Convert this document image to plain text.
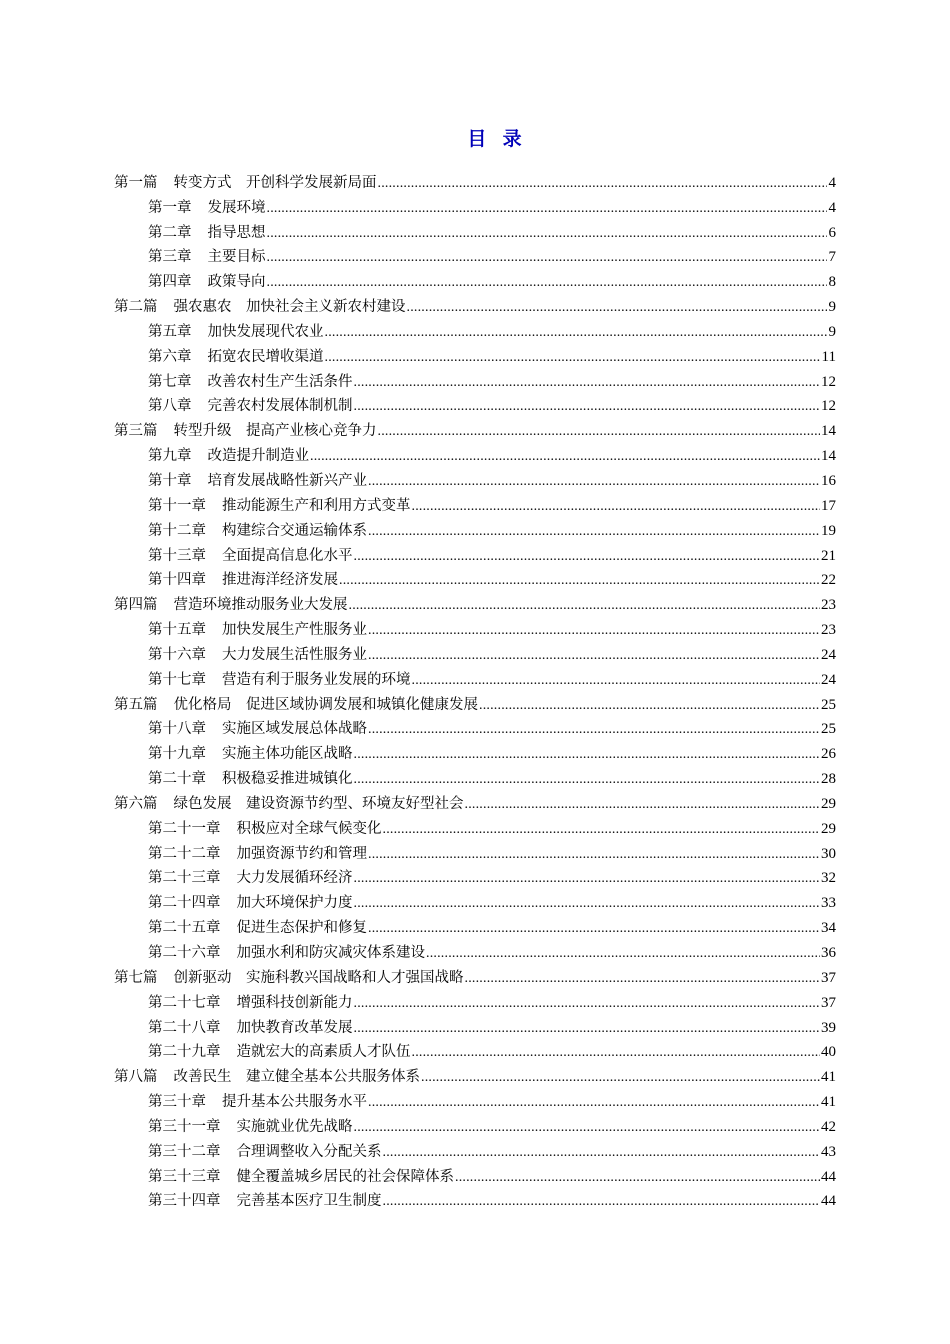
目  录
第一篇 转变方式　开创科学发展新局面 .....	4
第一章 发展环境 .....	4
第二章 指导思想 .....	6
第三章 主要目标 .....	7
第四章 政策导向 .....	8
第二篇 强农惠农　加快社会主义新农村建设 .....	9
第五章 加快发展现代农业 .....	9
第六章 拓宽农民增收渠道 .....	11
第七章 改善农村生产生活条件 .....	12
第八章 完善农村发展体制机制 .....	12
第三篇 转型升级　提高产业核心竞争力 .....	14
第九章 改造提升制造业 .....	14
第十章 培育发展战略性新兴产业 .....	16
第十一章 推动能源生产和利用方式变革 .....	17
第十二章 构建综合交通运输体系 .....	19
第十三章 全面提高信息化水平 .....	21
第十四章 推进海洋经济发展 .....	22
第四篇 营造环境推动服务业大发展 .....	23
第十五章 加快发展生产性服务业 .....	23
第十六章 大力发展生活性服务业 .....	24
第十七章 营造有利于服务业发展的环境 .....	24
第五篇 优化格局　促进区域协调发展和城镇化健康发展 .....	25
第十八章 实施区域发展总体战略 .....	25
第十九章 实施主体功能区战略 .....	26
第二十章 积极稳妥推进城镇化 .....	28
第六篇 绿色发展　建设资源节约型、环境友好型社会 .....	29
第二十一章 积极应对全球气候变化 .....	29
第二十二章 加强资源节约和管理 .....	30
第二十三章 大力发展循环经济 .....	32
第二十四章 加大环境保护力度 .....	33
第二十五章 促进生态保护和修复 .....	34
第二十六章 加强水利和防灾减灾体系建设 .....	36
第七篇 创新驱动　实施科教兴国战略和人才强国战略 .....	37
第二十七章 增强科技创新能力 .....	37
第二十八章 加快教育改革发展 .....	39
第二十九章 造就宏大的高素质人才队伍 .....	40
第八篇 改善民生　建立健全基本公共服务体系 .....	41
第三十章 提升基本公共服务水平 .....	41
第三十一章 实施就业优先战略 .....	42
第三十二章 合理调整收入分配关系 .....	43
第三十三章 健全覆盖城乡居民的社会保障体系 .....	44
第三十四章 完善基本医疗卫生制度 .....	44
